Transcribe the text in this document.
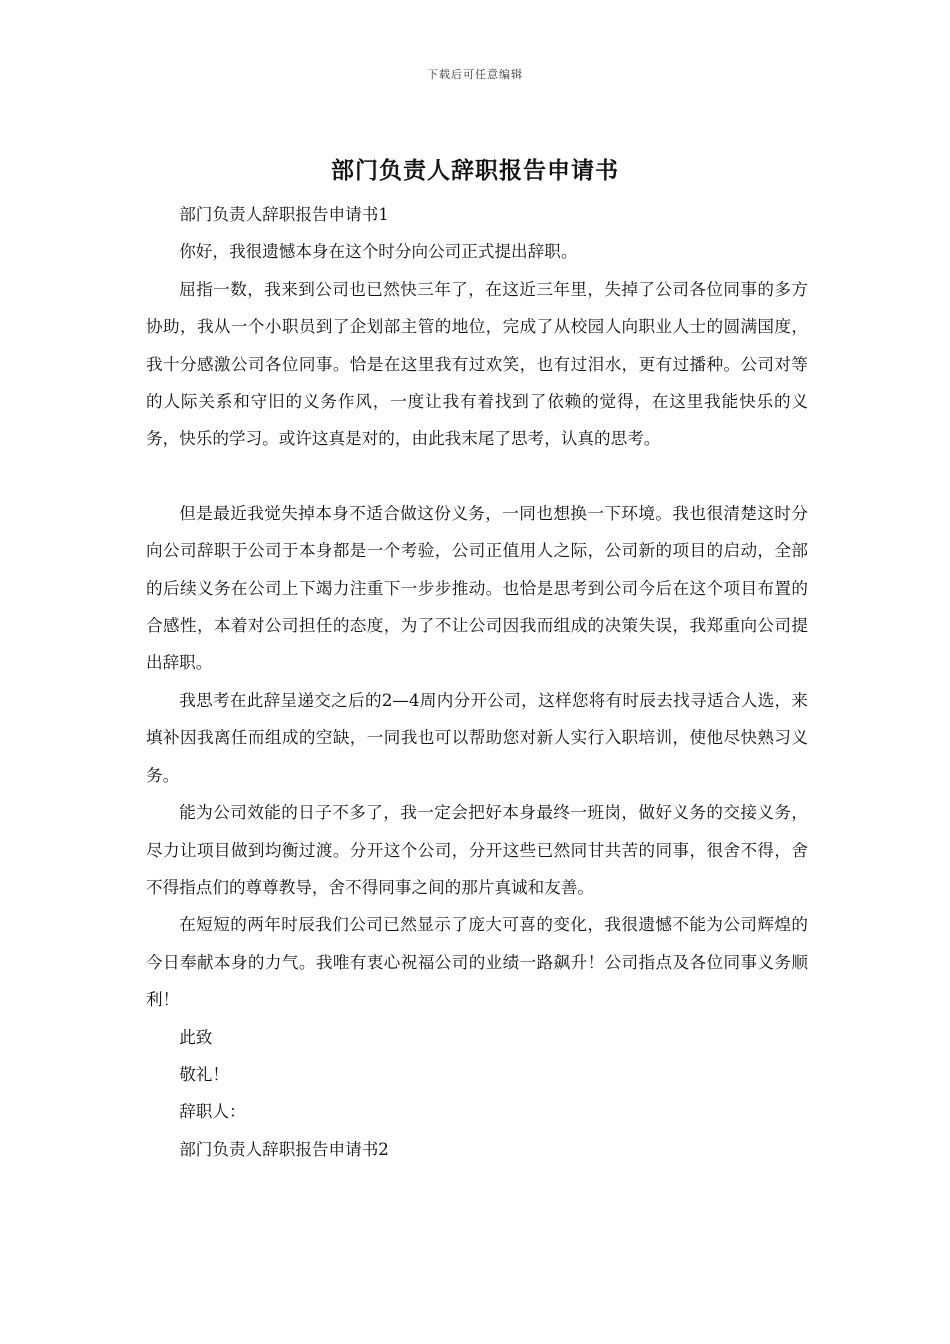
下载后可任意编辑
部门负责人辞职报告申请书

部门负责人辞职报告申请书1

你好，我很遗憾本身在这个时分向公司正式提出辞职。

屈指一数，我来到公司也已然快三年了，在这近三年里，失掉了公司各位同事的多方协助，我从一个小职员到了企划部主管的地位，完成了从校园人向职业人士的圆满国度，我十分感激公司各位同事。恰是在这里我有过欢笑，也有过泪水，更有过播种。公司对等的人际关系和守旧的义务作风，一度让我有着找到了依赖的觉得，在这里我能快乐的义务，快乐的学习。或许这真是对的，由此我末尾了思考，认真的思考。

但是最近我觉失掉本身不适合做这份义务，一同也想换一下环境。我也很清楚这时分向公司辞职于公司于本身都是一个考验，公司正值用人之际，公司新的项目的启动，全部的后续义务在公司上下竭力注重下一步步推动。也恰是思考到公司今后在这个项目布置的合感性，本着对公司担任的态度，为了不让公司因我而组成的决策失误，我郑重向公司提出辞职。

我思考在此辞呈递交之后的2—4周内分开公司，这样您将有时辰去找寻适合人选，来填补因我离任而组成的空缺，一同我也可以帮助您对新人实行入职培训，使他尽快熟习义务。

能为公司效能的日子不多了，我一定会把好本身最终一班岗，做好义务的交接义务，尽力让项目做到均衡过渡。分开这个公司，分开这些已然同甘共苦的同事，很舍不得，舍不得指点们的尊尊教导，舍不得同事之间的那片真诚和友善。

在短短的两年时辰我们公司已然显示了庞大可喜的变化，我很遗憾不能为公司辉煌的今日奉献本身的力气。我唯有衷心祝福公司的业绩一路飙升！公司指点及各位同事义务顺利！

此致

敬礼！

辞职人：

部门负责人辞职报告申请书2
